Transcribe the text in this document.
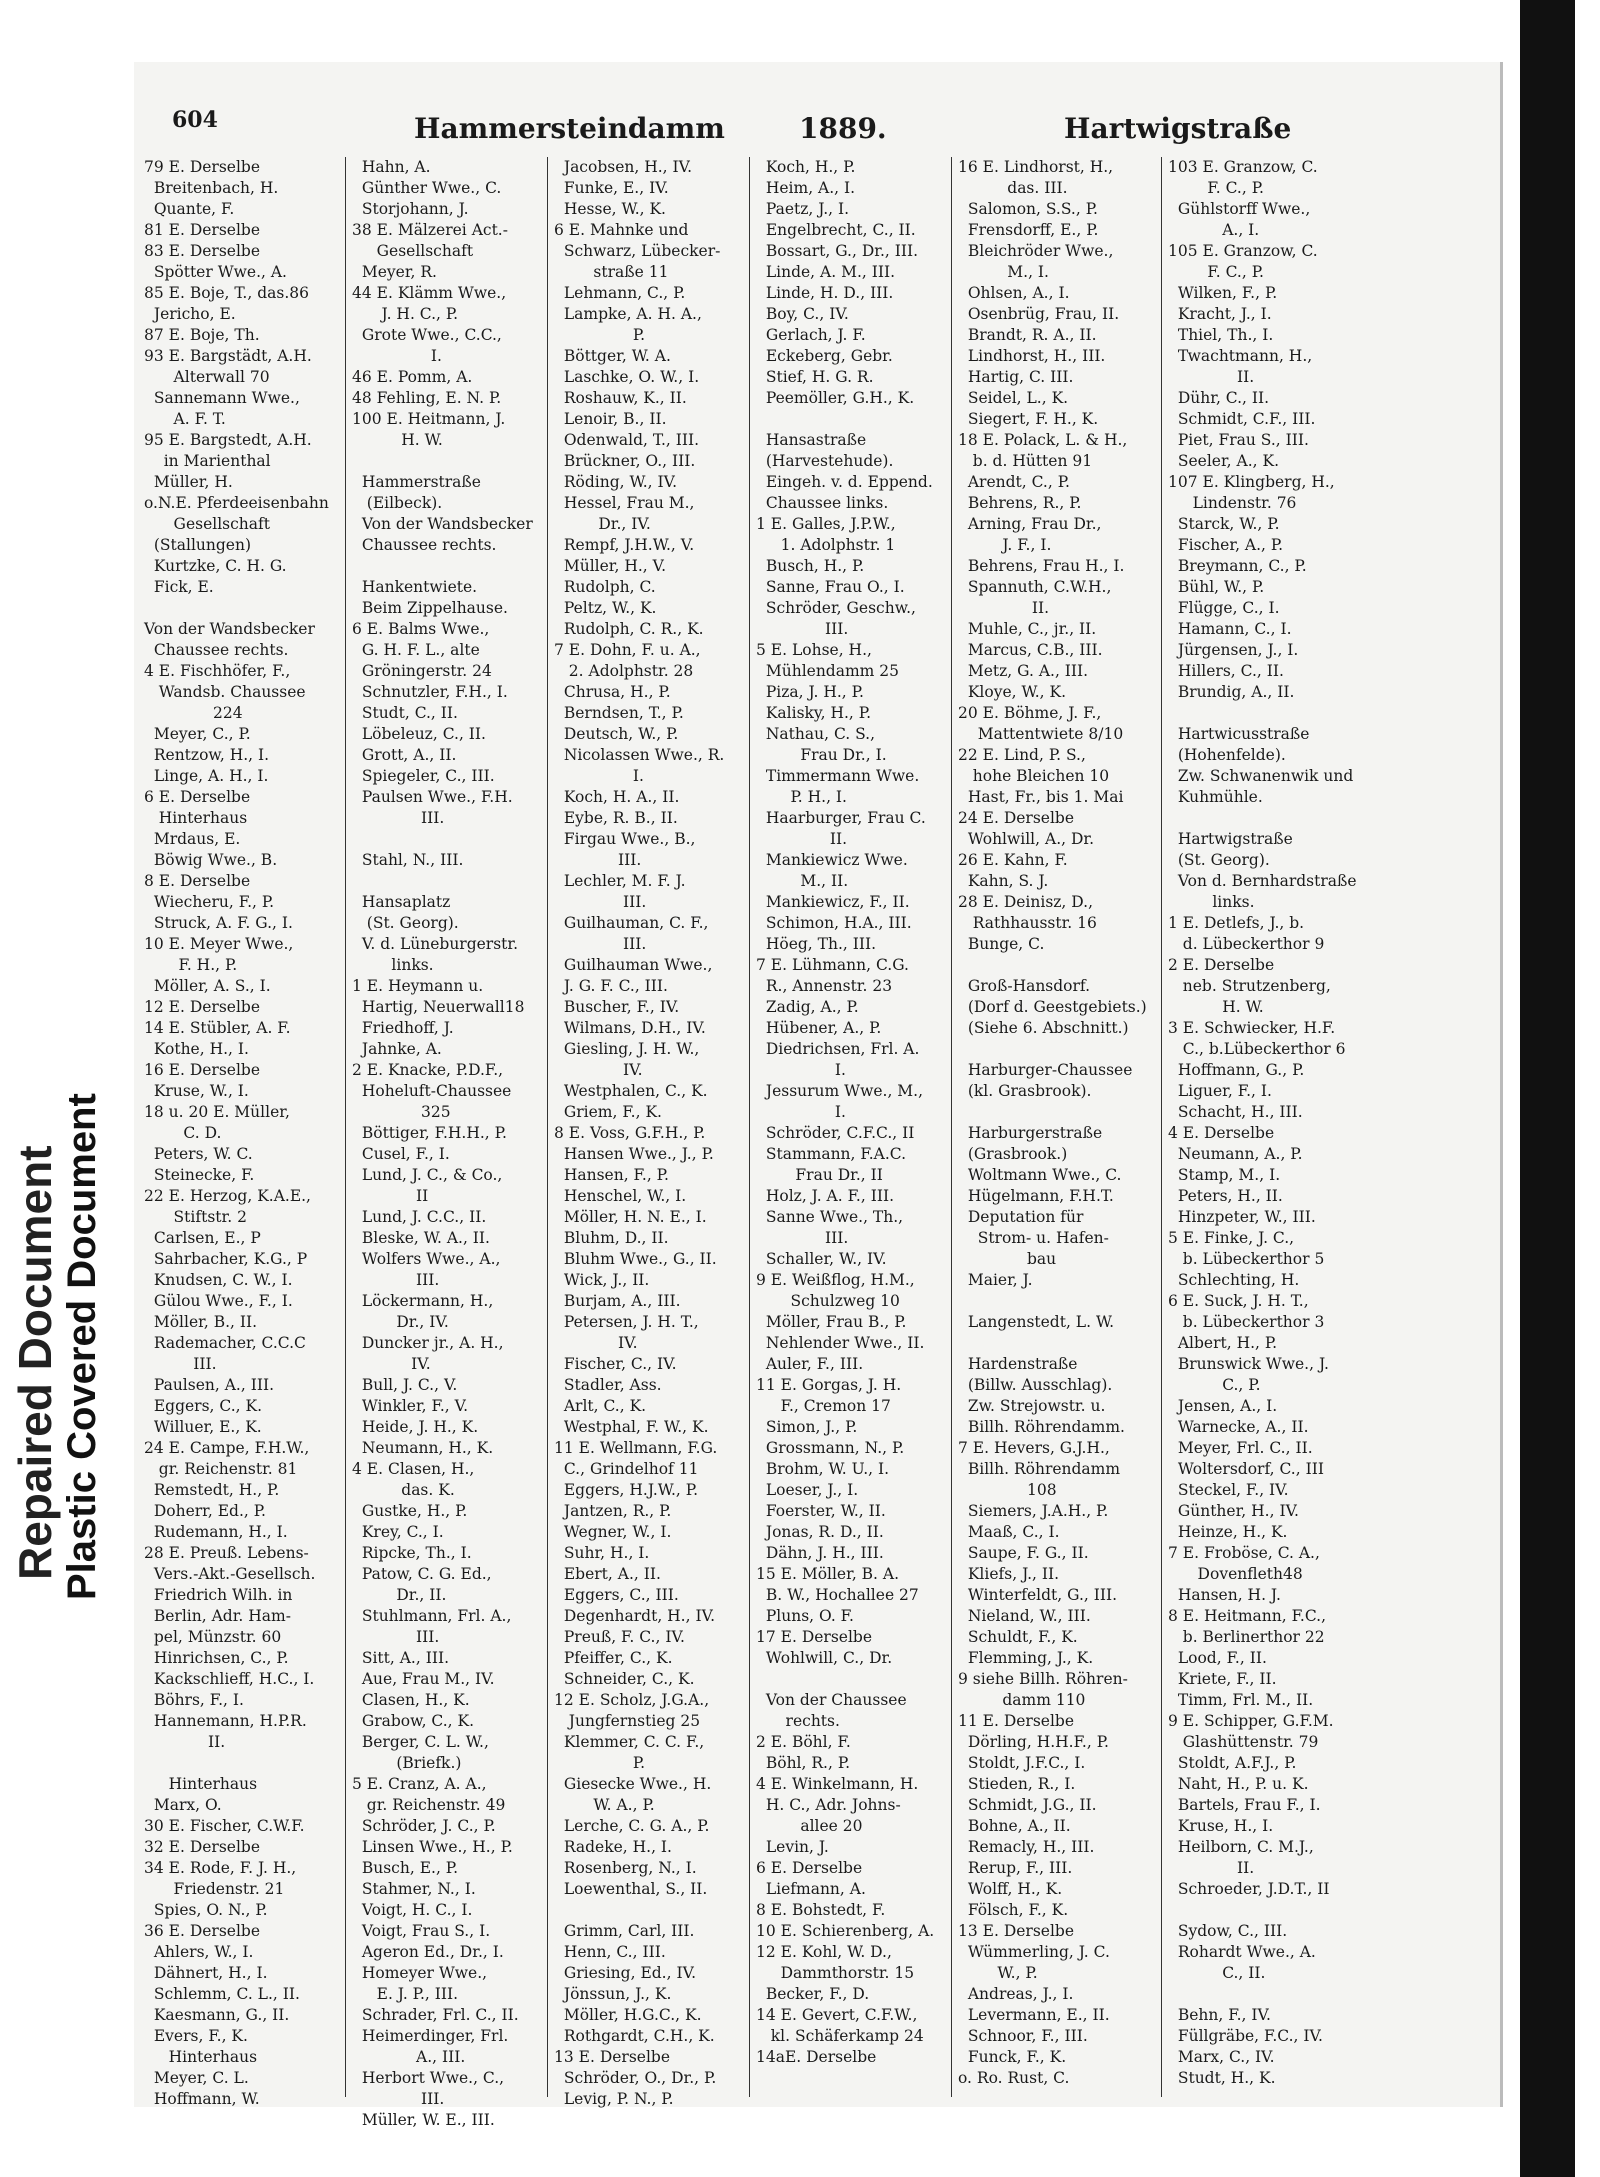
Repaired Document Plastic Covered Document
604	Hammersteindamm	1889.	Hartwigstraße
79 E. Derselbe
Breitenbach, H.
Quante, F.
81 E. Derselbe
83 E. Derselbe
Spötter Wwe., A.
85 E. Boje, T., das.86
Jericho, E.
87 E. Boje, Th.
93 E. Bargstädt, A.H.
Alterwall 70
Sannemann Wwe.,
A. F. T.
95 E. Bargstedt, A.H.
in Marienthal
Müller, H.
o.N.E. Pferdeeisenbahn
Gesellschaft
(Stallungen)
Kurtzke, C. H. G.
Fick, E.
Von der Wandsbecker
Chaussee rechts.
4 E. Fischhöfer, F.,
Wandsb. Chaussee
224
Meyer, C., P.
Rentzow, H., I.
Linge, A. H., I.
6 E. Derselbe
Hinterhaus
Mrdaus, E.
Böwig Wwe., B.
8 E. Derselbe
Wiecheru, F., P.
Struck, A. F. G., I.
10 E. Meyer Wwe.,
F. H., P.
Möller, A. S., I.
12 E. Derselbe
14 E. Stübler, A. F.
Kothe, H., I.
16 E. Derselbe
Kruse, W., I.
18 u. 20 E. Müller,
C. D.
Peters, W. C.
Steinecke, F.
22 E. Herzog, K.A.E.,
Stiftstr. 2
Carlsen, E., P
Sahrbacher, K.G., P
Knudsen, C. W., I.
Gülou Wwe., F., I.
Möller, B., II.
Rademacher, C.C.C
III.
Paulsen, A., III.
Eggers, C., K.
Willuer, E., K.
24 E. Campe, F.H.W.,
gr. Reichenstr. 81
Remstedt, H., P.
Doherr, Ed., P.
Rudemann, H., I.
28 E. Preuß. Lebens-
Vers.-Akt.-Gesellsch.
Friedrich Wilh. in
Berlin, Adr. Ham-
pel, Münzstr. 60
Hinrichsen, C., P.
Kackschlieff, H.C., I.
Böhrs, F., I.
Hannemann, H.P.R.
II.
Hinterhaus
Marx, O.
30 E. Fischer, C.W.F.
32 E. Derselbe
34 E. Rode, F. J. H.,
Friedenstr. 21
Spies, O. N., P.
36 E. Derselbe
Ahlers, W., I.
Dähnert, H., I.
Schlemm, C. L., II.
Kaesmann, G., II.
Evers, F., K.
Hinterhaus
Meyer, C. L.
Hoffmann, W.
Hahn, A.
Günther Wwe., C.
Storjohann, J.
38 E. Mälzerei Act.-
Gesellschaft
Meyer, R.
44 E. Klämm Wwe.,
J. H. C., P.
Grote Wwe., C.C.,
I.
46 E. Pomm, A.
48 Fehling, E. N. P.
100 E. Heitmann, J.
H. W.
Hammerstraße
(Eilbeck).
Von der Wandsbecker
Chaussee rechts.
Hankentwiete.
Beim Zippelhause.
6 E. Balms Wwe.,
G. H. F. L., alte
Gröningerstr. 24
Schnutzler, F.H., I.
Studt, C., II.
Löbeleuz, C., II.
Grott, A., II.
Spiegeler, C., III.
Paulsen Wwe., F.H.
III.
Stahl, N., III.
Hansaplatz
(St. Georg).
V. d. Lüneburgerstr.
links.
1 E. Heymann u.
Hartig, Neuerwall18
Friedhoff, J.
Jahnke, A.
2 E. Knacke, P.D.F.,
Hoheluft-Chaussee
325
Böttiger, F.H.H., P.
Cusel, F., I.
Lund, J. C., & Co.,
II
Lund, J. C.C., II.
Bleske, W. A., II.
Wolfers Wwe., A.,
III.
Löckermann, H.,
Dr., IV.
Duncker jr., A. H.,
IV.
Bull, J. C., V.
Winkler, F., V.
Heide, J. H., K.
Neumann, H., K.
4 E. Clasen, H.,
das. K.
Gustke, H., P.
Krey, C., I.
Ripcke, Th., I.
Patow, C. G. Ed.,
Dr., II.
Stuhlmann, Frl. A.,
III.
Sitt, A., III.
Aue, Frau M., IV.
Clasen, H., K.
Grabow, C., K.
Berger, C. L. W.,
(Briefk.)
5 E. Cranz, A. A.,
gr. Reichenstr. 49
Schröder, J. C., P.
Linsen Wwe., H., P.
Busch, E., P.
Stahmer, N., I.
Voigt, H. C., I.
Voigt, Frau S., I.
Ageron Ed., Dr., I.
Homeyer Wwe.,
E. J. P., III.
Schrader, Frl. C., II.
Heimerdinger, Frl.
A., III.
Herbort Wwe., C.,
III.
Müller, W. E., III.
Jacobsen, H., IV.
Funke, E., IV.
Hesse, W., K.
6 E. Mahnke und
Schwarz, Lübecker-
straße 11
Lehmann, C., P.
Lampke, A. H. A.,
P.
Böttger, W. A.
Laschke, O. W., I.
Roshauw, K., II.
Lenoir, B., II.
Odenwald, T., III.
Brückner, O., III.
Röding, W., IV.
Hessel, Frau M.,
Dr., IV.
Rempf, J.H.W., V.
Müller, H., V.
Rudolph, C.
Peltz, W., K.
Rudolph, C. R., K.
7 E. Dohn, F. u. A.,
2. Adolphstr. 28
Chrusa, H., P.
Berndsen, T., P.
Deutsch, W., P.
Nicolassen Wwe., R.
I.
Koch, H. A., II.
Eybe, R. B., II.
Firgau Wwe., B.,
III.
Lechler, M. F. J.
III.
Guilhauman, C. F.,
III.
Guilhauman Wwe.,
J. G. F. C., III.
Buscher, F., IV.
Wilmans, D.H., IV.
Giesling, J. H. W.,
IV.
Westphalen, C., K.
Griem, F., K.
8 E. Voss, G.F.H., P.
Hansen Wwe., J., P.
Hansen, F., P.
Henschel, W., I.
Möller, H. N. E., I.
Bluhm, D., II.
Bluhm Wwe., G., II.
Wick, J., II.
Burjam, A., III.
Petersen, J. H. T.,
IV.
Fischer, C., IV.
Stadler, Ass.
Arlt, C., K.
Westphal, F. W., K.
11 E. Wellmann, F.G.
C., Grindelhof 11
Eggers, H.J.W., P.
Jantzen, R., P.
Wegner, W., I.
Suhr, H., I.
Ebert, A., II.
Eggers, C., III.
Degenhardt, H., IV.
Preuß, F. C., IV.
Pfeiffer, C., K.
Schneider, C., K.
12 E. Scholz, J.G.A.,
Jungfernstieg 25
Klemmer, C. C. F.,
P.
Giesecke Wwe., H.
W. A., P.
Lerche, C. G. A., P.
Radeke, H., I.
Rosenberg, N., I.
Loewenthal, S., II.
Grimm, Carl, III.
Henn, C., III.
Griesing, Ed., IV.
Jönssun, J., K.
Möller, H.G.C., K.
Rothgardt, C.H., K.
13 E. Derselbe
Schröder, O., Dr., P.
Levig, P. N., P.
Koch, H., P.
Heim, A., I.
Paetz, J., I.
Engelbrecht, C., II.
Bossart, G., Dr., III.
Linde, A. M., III.
Linde, H. D., III.
Boy, C., IV.
Gerlach, J. F.
Eckeberg, Gebr.
Stief, H. G. R.
Peemöller, G.H., K.
Hansastraße
(Harvestehude).
Eingeh. v. d. Eppend.
Chaussee links.
1 E. Galles, J.P.W.,
1. Adolphstr. 1
Busch, H., P.
Sanne, Frau O., I.
Schröder, Geschw.,
III.
5 E. Lohse, H.,
Mühlendamm 25
Piza, J. H., P.
Kalisky, H., P.
Nathau, C. S.,
Frau Dr., I.
Timmermann Wwe.
P. H., I.
Haarburger, Frau C.
II.
Mankiewicz Wwe.
M., II.
Mankiewicz, F., II.
Schimon, H.A., III.
Höeg, Th., III.
7 E. Lühmann, C.G.
R., Annenstr. 23
Zadig, A., P.
Hübener, A., P.
Diedrichsen, Frl. A.
I.
Jessurum Wwe., M.,
I.
Schröder, C.F.C., II
Stammann, F.A.C.
Frau Dr., II
Holz, J. A. F., III.
Sanne Wwe., Th.,
III.
Schaller, W., IV.
9 E. Weißflog, H.M.,
Schulzweg 10
Möller, Frau B., P.
Nehlender Wwe., II.
Auler, F., III.
11 E. Gorgas, J. H.
F., Cremon 17
Simon, J., P.
Grossmann, N., P.
Brohm, W. U., I.
Loeser, J., I.
Foerster, W., II.
Jonas, R. D., II.
Dähn, J. H., III.
15 E. Möller, B. A.
B. W., Hochallee 27
Pluns, O. F.
17 E. Derselbe
Wohlwill, C., Dr.
Von der Chaussee
rechts.
2 E. Böhl, F.
Böhl, R., P.
4 E. Winkelmann, H.
H. C., Adr. Johns-
allee 20
Levin, J.
6 E. Derselbe
Liefmann, A.
8 E. Bohstedt, F.
10 E. Schierenberg, A.
12 E. Kohl, W. D.,
Dammthorstr. 15
Becker, F., D.
14 E. Gevert, C.F.W.,
kl. Schäferkamp 24
14aE. Derselbe
16 E. Lindhorst, H.,
das. III.
Salomon, S.S., P.
Frensdorff, E., P.
Bleichröder Wwe.,
M., I.
Ohlsen, A., I.
Osenbrüg, Frau, II.
Brandt, R. A., II.
Lindhorst, H., III.
Hartig, C. III.
Seidel, L., K.
Siegert, F. H., K.
18 E. Polack, L. & H.,
b. d. Hütten 91
Arendt, C., P.
Behrens, R., P.
Arning, Frau Dr.,
J. F., I.
Behrens, Frau H., I.
Spannuth, C.W.H.,
II.
Muhle, C., jr., II.
Marcus, C.B., III.
Metz, G. A., III.
Kloye, W., K.
20 E. Böhme, J. F.,
Mattentwiete 8/10
22 E. Lind, P. S.,
hohe Bleichen 10
Hast, Fr., bis 1. Mai
24 E. Derselbe
Wohlwill, A., Dr.
26 E. Kahn, F.
Kahn, S. J.
28 E. Deinisz, D.,
Rathhausstr. 16
Bunge, C.
Groß-Hansdorf.
(Dorf d. Geestgebiets.)
(Siehe 6. Abschnitt.)
Harburger-Chaussee
(kl. Grasbrook).
Harburgerstraße
(Grasbrook.)
Woltmann Wwe., C.
Hügelmann, F.H.T.
Deputation für
Strom- u. Hafen-
bau
Maier, J.
Langenstedt, L. W.
Hardenstraße
(Billw. Ausschlag).
Zw. Strejowstr. u.
Billh. Röhrendamm.
7 E. Hevers, G.J.H.,
Billh. Röhrendamm
108
Siemers, J.A.H., P.
Maaß, C., I.
Saupe, F. G., II.
Kliefs, J., II.
Winterfeldt, G., III.
Nieland, W., III.
Schuldt, F., K.
Flemming, J., K.
9 siehe Billh. Röhren-
damm 110
11 E. Derselbe
Dörling, H.H.F., P.
Stoldt, J.F.C., I.
Stieden, R., I.
Schmidt, J.G., II.
Bohne, A., II.
Remacly, H., III.
Rerup, F., III.
Wolff, H., K.
Fölsch, F., K.
13 E. Derselbe
Wümmerling, J. C.
W., P.
Andreas, J., I.
Levermann, E., II.
Schnoor, F., III.
Funck, F., K.
o. Ro. Rust, C.
103 E. Granzow, C.
F. C., P.
Gühlstorff Wwe.,
A., I.
105 E. Granzow, C.
F. C., P.
Wilken, F., P.
Kracht, J., I.
Thiel, Th., I.
Twachtmann, H.,
II.
Dühr, C., II.
Schmidt, C.F., III.
Piet, Frau S., III.
Seeler, A., K.
107 E. Klingberg, H.,
Lindenstr. 76
Starck, W., P.
Fischer, A., P.
Breymann, C., P.
Bühl, W., P.
Flügge, C., I.
Hamann, C., I.
Jürgensen, J., I.
Hillers, C., II.
Brundig, A., II.
Hartwicusstraße
(Hohenfelde).
Zw. Schwanenwik und
Kuhmühle.
Hartwigstraße
(St. Georg).
Von d. Bernhardstraße
links.
1 E. Detlefs, J., b.
d. Lübeckerthor 9
2 E. Derselbe
neb. Strutzenberg,
H. W.
3 E. Schwiecker, H.F.
C., b.Lübeckerthor 6
Hoffmann, G., P.
Liguer, F., I.
Schacht, H., III.
4 E. Derselbe
Neumann, A., P.
Stamp, M., I.
Peters, H., II.
Hinzpeter, W., III.
5 E. Finke, J. C.,
b. Lübeckerthor 5
Schlechting, H.
6 E. Suck, J. H. T.,
b. Lübeckerthor 3
Albert, H., P.
Brunswick Wwe., J.
C., P.
Jensen, A., I.
Warnecke, A., II.
Meyer, Frl. C., II.
Woltersdorf, C., III
Steckel, F., IV.
Günther, H., IV.
Heinze, H., K.
7 E. Froböse, C. A.,
Dovenfleth48
Hansen, H. J.
8 E. Heitmann, F.C.,
b. Berlinerthor 22
Lood, F., II.
Kriete, F., II.
Timm, Frl. M., II.
9 E. Schipper, G.F.M.
Glashüttenstr. 79
Stoldt, A.F.J., P.
Naht, H., P. u. K.
Bartels, Frau F., I.
Kruse, H., I.
Heilborn, C. M.J.,
II.
Schroeder, J.D.T., II
Sydow, C., III.
Rohardt Wwe., A.
C., II.
Behn, F., IV.
Füllgräbe, F.C., IV.
Marx, C., IV.
Studt, H., K.
